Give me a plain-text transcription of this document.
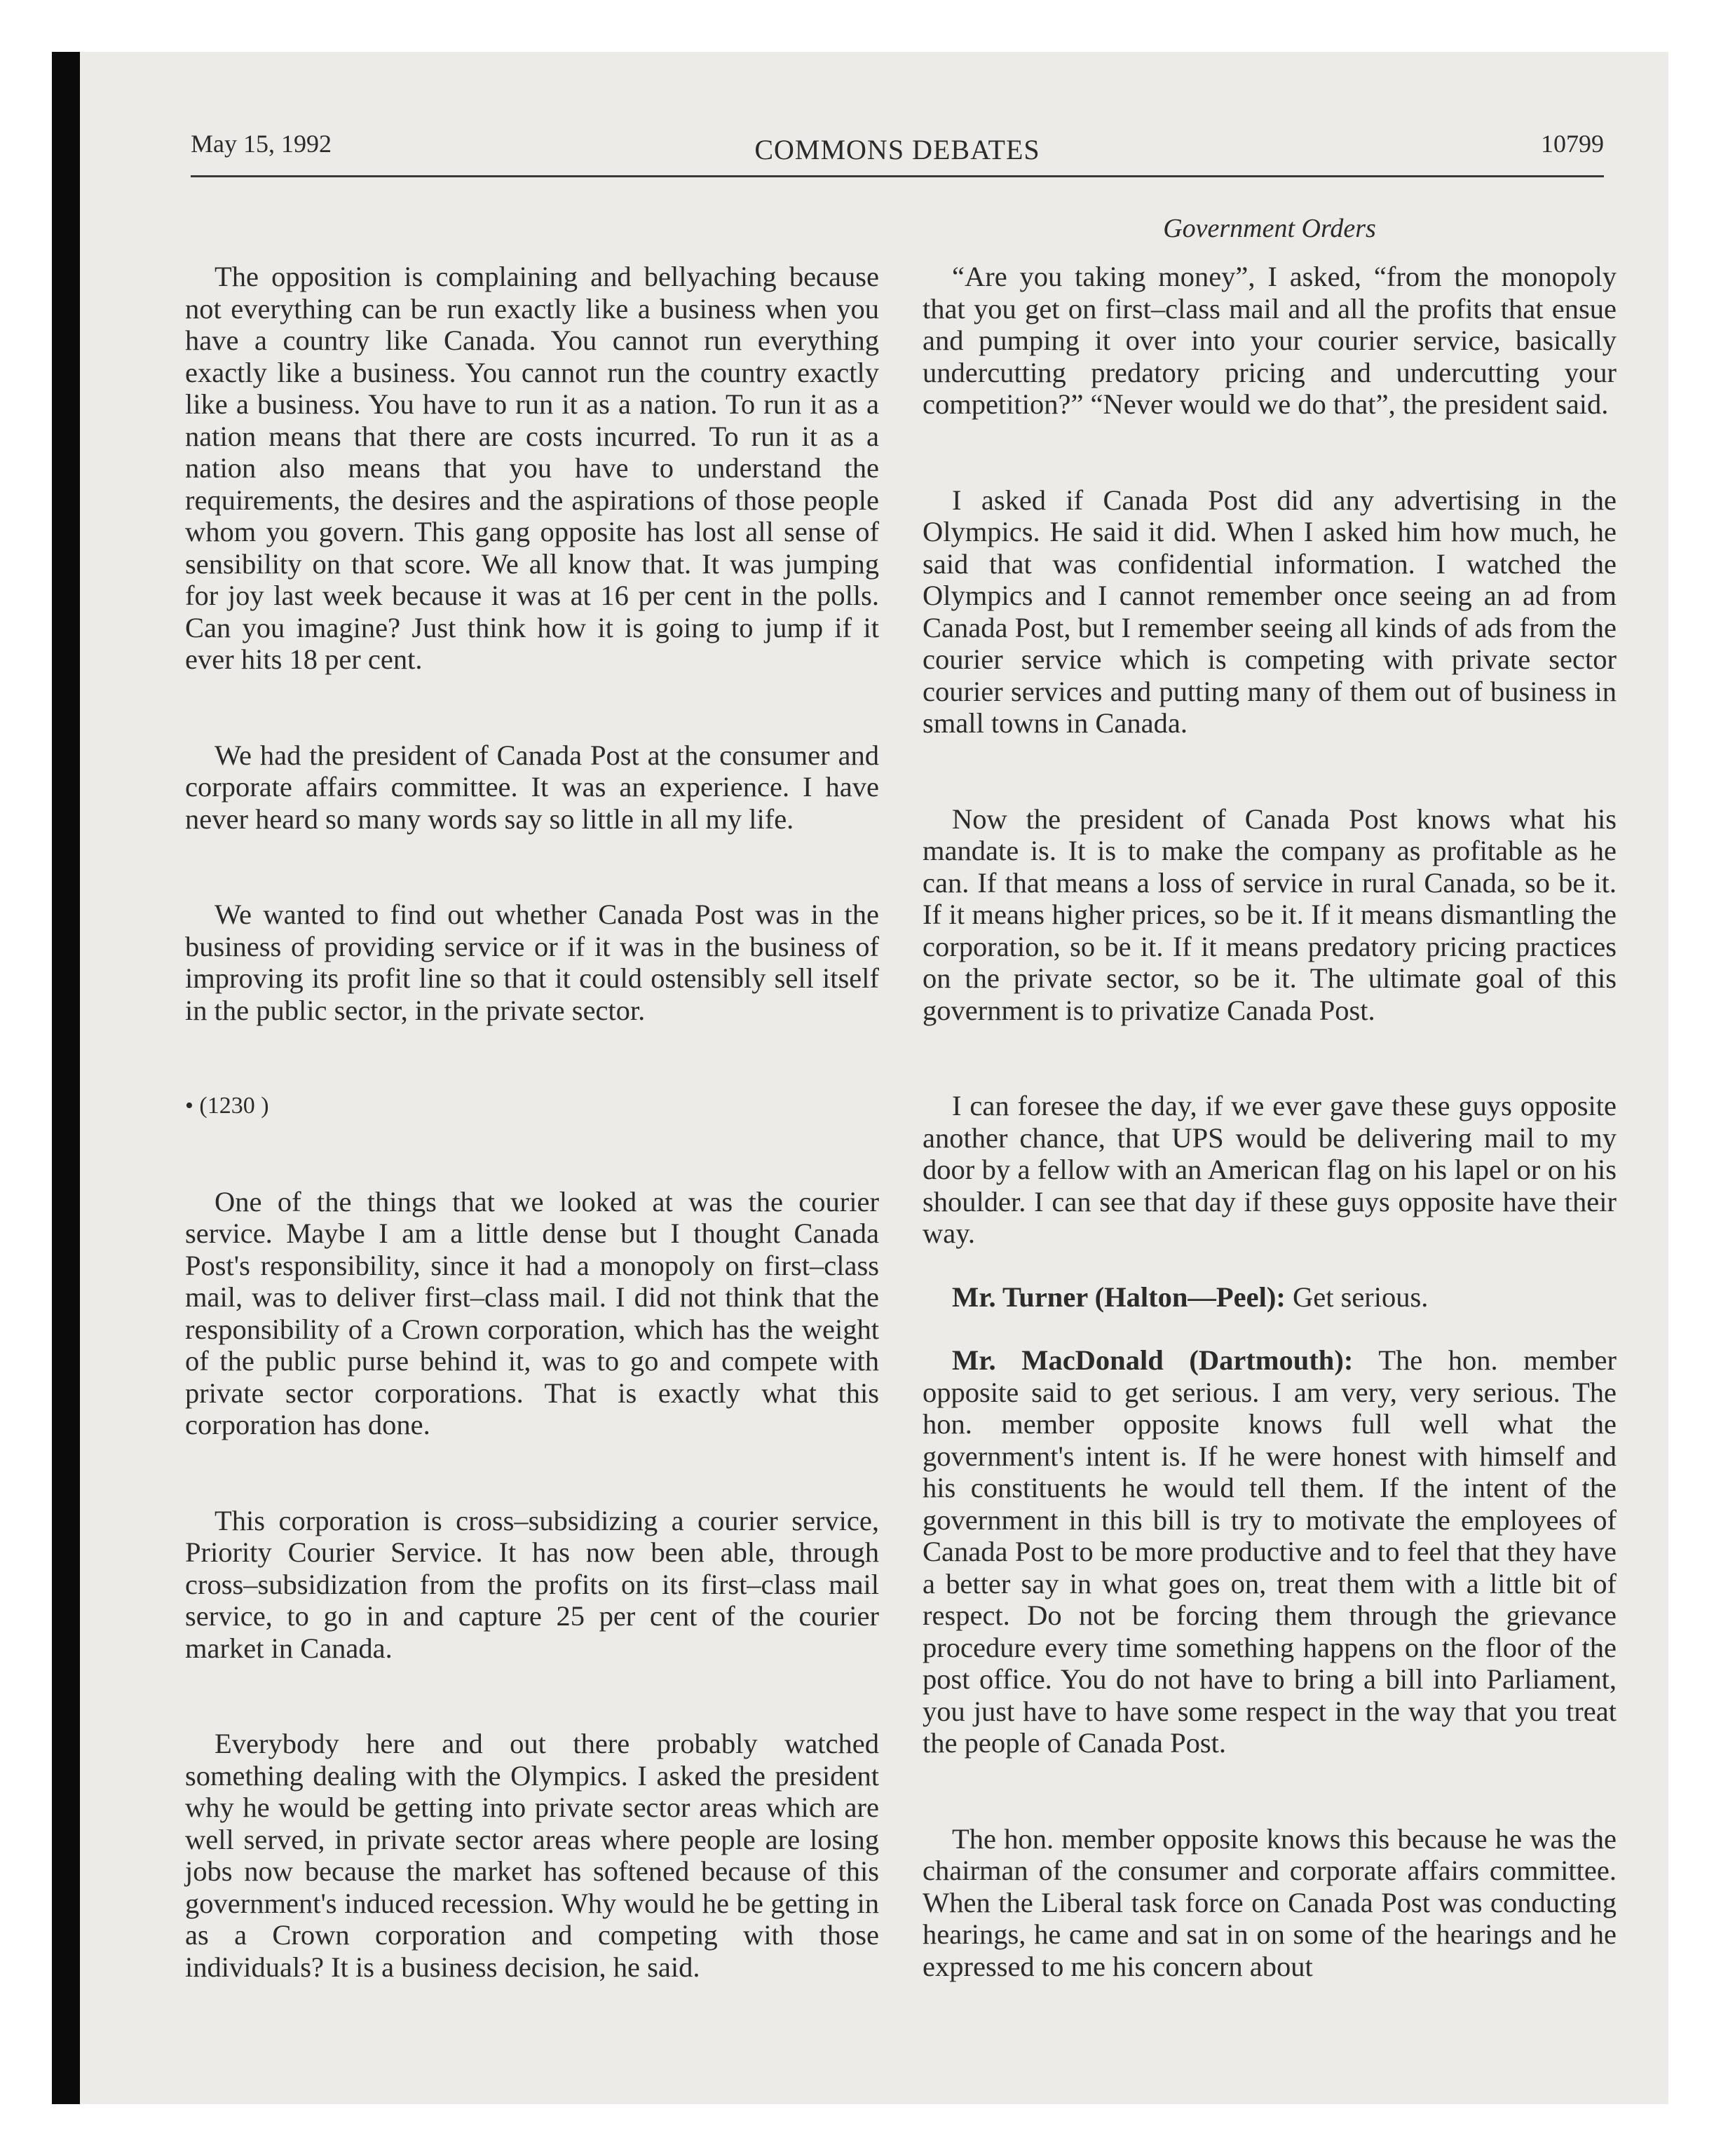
May 15, 1992	COMMONS DEBATES	10799
Government Orders

The opposition is complaining and bellyaching because not everything can be run exactly like a business when you have a country like Canada. You cannot run everything exactly like a business. You cannot run the country exactly like a business. You have to run it as a nation. To run it as a nation means that there are costs incurred. To run it as a nation also means that you have to understand the requirements, the desires and the aspirations of those people whom you govern. This gang opposite has lost all sense of sensibility on that score. We all know that. It was jumping for joy last week because it was at 16 per cent in the polls. Can you imagine? Just think how it is going to jump if it ever hits 18 per cent.

We had the president of Canada Post at the consumer and corporate affairs committee. It was an experience. I have never heard so many words say so little in all my life.

We wanted to find out whether Canada Post was in the business of providing service or if it was in the business of improving its profit line so that it could ostensibly sell itself in the public sector, in the private sector.

• (1230 )

One of the things that we looked at was the courier service. Maybe I am a little dense but I thought Canada Post's responsibility, since it had a monopoly on first–class mail, was to deliver first–class mail. I did not think that the responsibility of a Crown corporation, which has the weight of the public purse behind it, was to go and compete with private sector corporations. That is exactly what this corporation has done.

This corporation is cross–subsidizing a courier service, Priority Courier Service. It has now been able, through cross–subsidization from the profits on its first–class mail service, to go in and capture 25 per cent of the courier market in Canada.

Everybody here and out there probably watched something dealing with the Olympics. I asked the president why he would be getting into private sector areas which are well served, in private sector areas where people are losing jobs now because the market has softened because of this government's induced recession. Why would he be getting in as a Crown corporation and competing with those individuals? It is a business decision, he said.

“Are you taking money”, I asked, “from the monopoly that you get on first–class mail and all the profits that ensue and pumping it over into your courier service, basically undercutting predatory pricing and undercutting your competition?” “Never would we do that”, the president said.

I asked if Canada Post did any advertising in the Olympics. He said it did. When I asked him how much, he said that was confidential information. I watched the Olympics and I cannot remember once seeing an ad from Canada Post, but I remember seeing all kinds of ads from the courier service which is competing with private sector courier services and putting many of them out of business in small towns in Canada.

Now the president of Canada Post knows what his mandate is. It is to make the company as profitable as he can. If that means a loss of service in rural Canada, so be it. If it means higher prices, so be it. If it means dismantling the corporation, so be it. If it means predatory pricing practices on the private sector, so be it. The ultimate goal of this government is to privatize Canada Post.

I can foresee the day, if we ever gave these guys opposite another chance, that UPS would be delivering mail to my door by a fellow with an American flag on his lapel or on his shoulder. I can see that day if these guys opposite have their way.

Mr. Turner (Halton—Peel): Get serious.

Mr. MacDonald (Dartmouth): The hon. member opposite said to get serious. I am very, very serious. The hon. member opposite knows full well what the government's intent is. If he were honest with himself and his constituents he would tell them. If the intent of the government in this bill is try to motivate the employees of Canada Post to be more productive and to feel that they have a better say in what goes on, treat them with a little bit of respect. Do not be forcing them through the grievance procedure every time something happens on the floor of the post office. You do not have to bring a bill into Parliament, you just have to have some respect in the way that you treat the people of Canada Post.

The hon. member opposite knows this because he was the chairman of the consumer and corporate affairs committee. When the Liberal task force on Canada Post was conducting hearings, he came and sat in on some of the hearings and he expressed to me his concern about
